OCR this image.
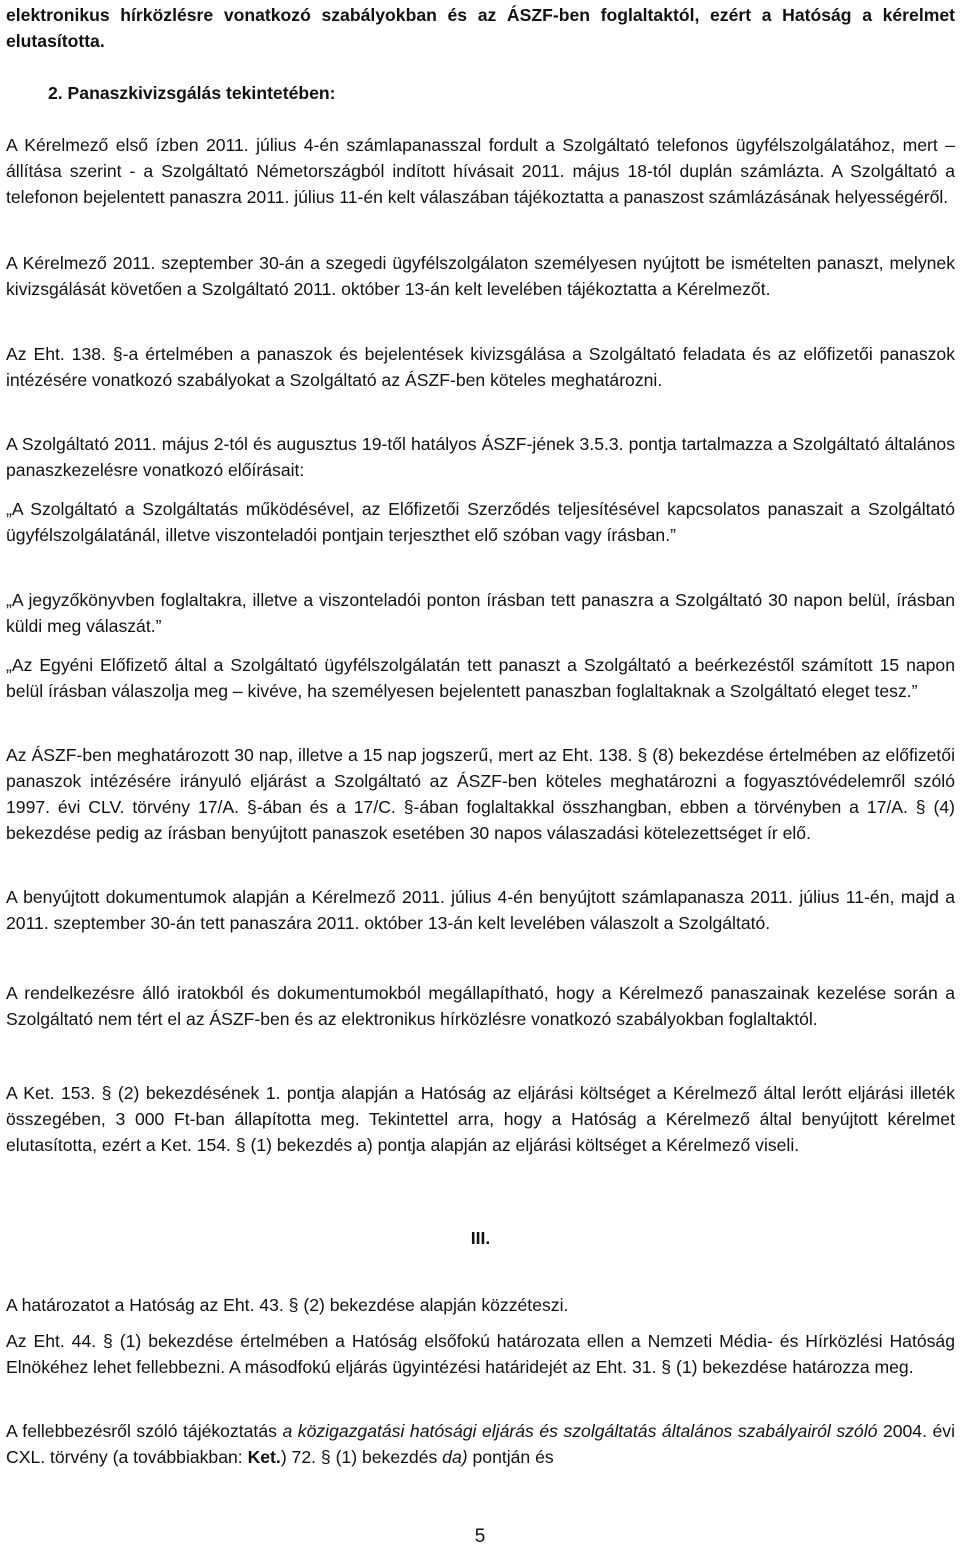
elektronikus hírközlésre vonatkozó szabályokban és az ÁSZF-ben foglaltaktól, ezért a Hatóság a kérelmet elutasította.

2. Panaszkivizsgálás tekintetében:

A Kérelmező első ízben 2011. július 4-én számlapanasszal fordult a Szolgáltató telefonos ügyfélszolgálatához, mert – állítása szerint - a Szolgáltató Németországból indított hívásait 2011. május 18-tól duplán számlázta. A Szolgáltató a telefonon bejelentett panaszra 2011. július 11-én kelt válaszában tájékoztatta a panaszost számlázásának helyességéről.

A Kérelmező 2011. szeptember 30-án a szegedi ügyfélszolgálaton személyesen nyújtott be ismételten panaszt, melynek kivizsgálását követően a Szolgáltató 2011. október 13-án kelt levelében tájékoztatta a Kérelmezőt.

Az Eht. 138. §-a értelmében a panaszok és bejelentések kivizsgálása a Szolgáltató feladata és az előfizetői panaszok intézésére vonatkozó szabályokat a Szolgáltató az ÁSZF-ben köteles meghatározni.

A Szolgáltató 2011. május 2-tól és augusztus 19-től hatályos ÁSZF-jének 3.5.3. pontja tartalmazza a Szolgáltató általános panaszkezelésre vonatkozó előírásait:

„A Szolgáltató a Szolgáltatás működésével, az Előfizetői Szerződés teljesítésével kapcsolatos panaszait a Szolgáltató ügyfélszolgálatánál, illetve viszonteladói pontjain terjeszthet elő szóban vagy írásban.”

„A jegyzőkönyvben foglaltakra, illetve a viszonteladói ponton írásban tett panaszra a Szolgáltató 30 napon belül, írásban küldi meg válaszát.”

„Az Egyéni Előfizető által a Szolgáltató ügyfélszolgálatán tett panaszt a Szolgáltató a beérkezéstől számított 15 napon belül írásban válaszolja meg – kivéve, ha személyesen bejelentett panaszban foglaltaknak a Szolgáltató eleget tesz.”

Az ÁSZF-ben meghatározott 30 nap, illetve a 15 nap jogszerű, mert az Eht. 138. § (8) bekezdése értelmében az előfizetői panaszok intézésére irányuló eljárást a Szolgáltató az ÁSZF-ben köteles meghatározni a fogyasztóvédelemről szóló 1997. évi CLV. törvény 17/A. §-ában és a 17/C. §-ában foglaltakkal összhangban, ebben a törvényben a 17/A. § (4) bekezdése pedig az írásban benyújtott panaszok esetében 30 napos válaszadási kötelezettséget ír elő.

A benyújtott dokumentumok alapján a Kérelmező 2011. július 4-én benyújtott számlapanasza 2011. július 11-én, majd a 2011. szeptember 30-án tett panaszára 2011. október 13-án kelt levelében válaszolt a Szolgáltató.

A rendelkezésre álló iratokból és dokumentumokból megállapítható, hogy a Kérelmező panaszainak kezelése során a Szolgáltató nem tért el az ÁSZF-ben és az elektronikus hírközlésre vonatkozó szabályokban foglaltaktól.

A Ket. 153. § (2) bekezdésének 1. pontja alapján a Hatóság az eljárási költséget a Kérelmező által lerótt eljárási illeték összegében, 3 000 Ft-ban állapította meg. Tekintettel arra, hogy a Hatóság a Kérelmező által benyújtott kérelmet elutasította, ezért a Ket. 154. § (1) bekezdés a) pontja alapján az eljárási költséget a Kérelmező viseli.

III.

A határozatot a Hatóság az Eht. 43. § (2) bekezdése alapján közzéteszi.

Az Eht. 44. § (1) bekezdése értelmében a Hatóság elsőfokú határozata ellen a Nemzeti Média- és Hírközlési Hatóság Elnökéhez lehet fellebbezni. A másodfokú eljárás ügyintézési határidejét az Eht. 31. § (1) bekezdése határozza meg.

A fellebbezésről szóló tájékoztatás a közigazgatási hatósági eljárás és szolgáltatás általános szabályairól szóló 2004. évi CXL. törvény (a továbbiakban: Ket.) 72. § (1) bekezdés da) pontján és

5
